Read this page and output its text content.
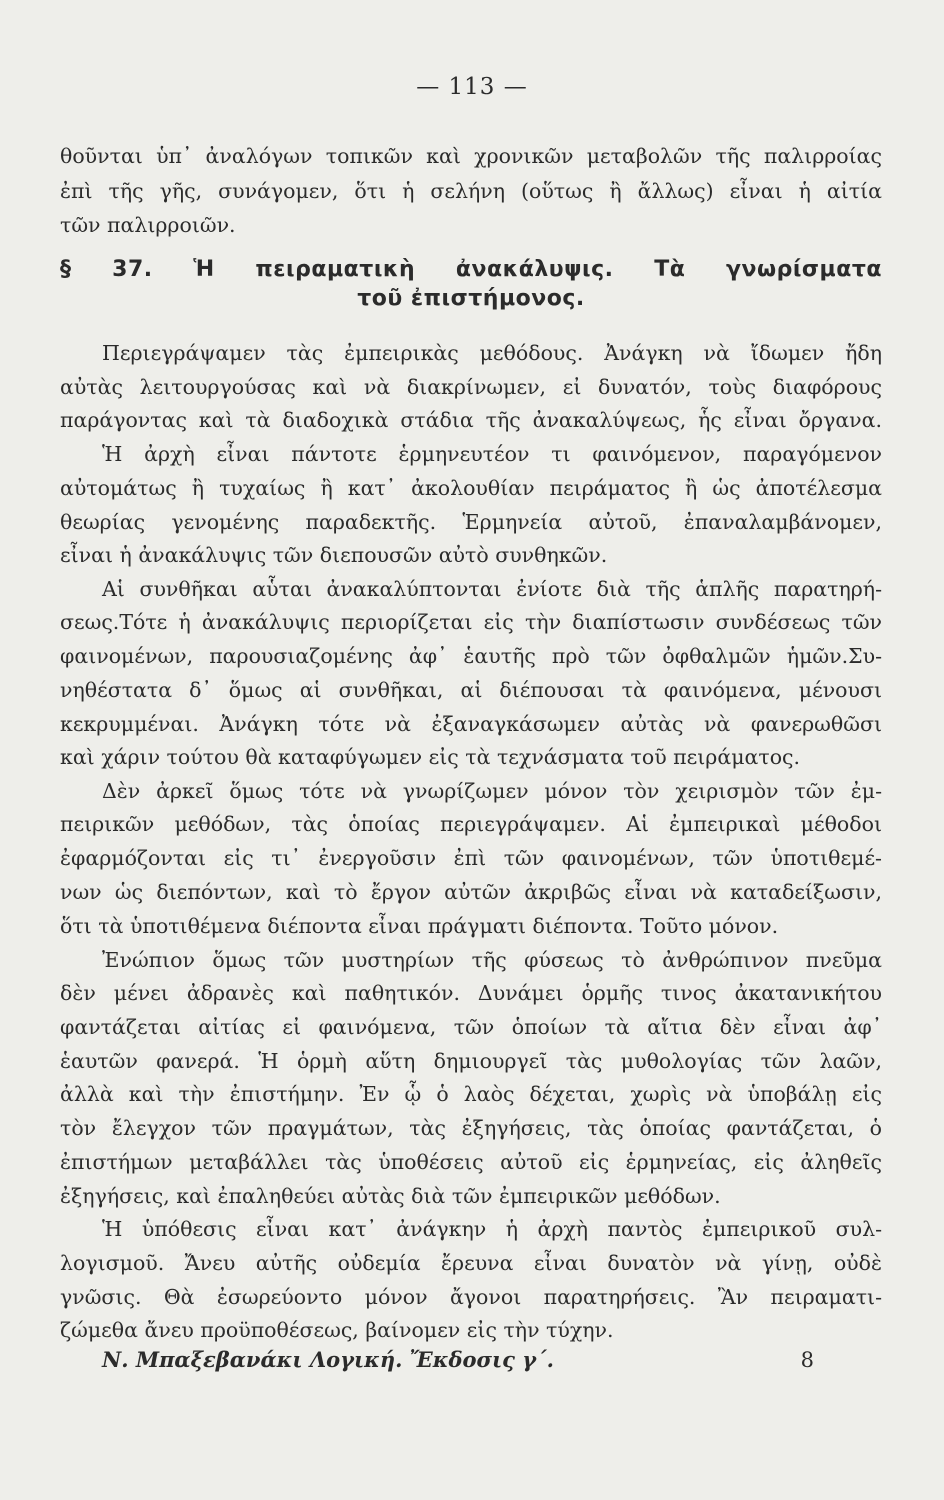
— 113 —
θοῦνται ὑπ᾽ ἀναλόγων τοπικῶν καὶ χρονικῶν μεταβολῶν τῆς παλιρροίας
ἐπὶ τῆς γῆς, συνάγομεν, ὅτι ἡ σελήνη (οὕτως ἢ ἄλλως) εἶναι ἡ αἰτία
τῶν παλιρροιῶν.
§ 37. Ἡ πειραματικὴ ἀνακάλυψις. Τὰ γνωρίσματα
τοῦ ἐπιστήμονος.
Περιεγράψαμεν τὰς ἐμπειρικὰς μεθόδους. Ἀνάγκη νὰ ἴδωμεν ἤδη
αὐτὰς λειτουργούσας καὶ νὰ διακρίνωμεν, εἰ δυνατόν, τοὺς διαφόρους
παράγοντας καὶ τὰ διαδοχικὰ στάδια τῆς ἀνακαλύψεως, ἧς εἶναι ὄργανα.
Ἡ ἀρχὴ εἶναι πάντοτε ἑρμηνευτέον τι φαινόμενον, παραγόμενον
αὐτομάτως ἢ τυχαίως ἢ κατ᾽ ἀκολουθίαν πειράματος ἢ ὡς ἀποτέλεσμα
θεωρίας γενομένης παραδεκτῆς. Ἑρμηνεία αὐτοῦ, ἐπαναλαμβάνομεν,
εἶναι ἡ ἀνακάλυψις τῶν διεπουσῶν αὐτὸ συνθηκῶν.
Αἱ συνθῆκαι αὗται ἀνακαλύπτονται ἐνίοτε διὰ τῆς ἁπλῆς παρατηρή-
σεως.Τότε ἡ ἀνακάλυψις περιορίζεται εἰς τὴν διαπίστωσιν συνδέσεως τῶν
φαινομένων, παρουσιαζομένης ἀφ᾽ ἑαυτῆς πρὸ τῶν ὀφθαλμῶν ἡμῶν.Συ-
νηθέστατα δ᾽ ὅμως αἱ συνθῆκαι, αἱ διέπουσαι τὰ φαινόμενα, μένουσι
κεκρυμμέναι. Ἀνάγκη τότε νὰ ἐξαναγκάσωμεν αὐτὰς νὰ φανερωθῶσι
καὶ χάριν τούτου θὰ καταφύγωμεν εἰς τὰ τεχνάσματα τοῦ πειράματος.
Δὲν ἀρκεῖ ὅμως τότε νὰ γνωρίζωμεν μόνον τὸν χειρισμὸν τῶν ἐμ-
πειρικῶν μεθόδων, τὰς ὁποίας περιεγράψαμεν. Αἱ ἐμπειρικαὶ μέθοδοι
ἐφαρμόζονται εἰς τι᾽ ἐνεργοῦσιν ἐπὶ τῶν φαινομένων, τῶν ὑποτιθεμέ-
νων ὡς διεπόντων, καὶ τὸ ἔργον αὐτῶν ἀκριβῶς εἶναι νὰ καταδείξωσιν,
ὅτι τὰ ὑποτιθέμενα διέποντα εἶναι πράγματι διέποντα. Τοῦτο μόνον.
Ἐνώπιον ὅμως τῶν μυστηρίων τῆς φύσεως τὸ ἀνθρώπινον πνεῦμα
δὲν μένει ἀδρανὲς καὶ παθητικόν. Δυνάμει ὁρμῆς τινος ἀκατανικήτου
φαντάζεται αἰτίας εἰ φαινόμενα, τῶν ὁποίων τὰ αἴτια δὲν εἶναι ἀφ᾽
ἑαυτῶν φανερά. Ἡ ὁρμὴ αὕτη δημιουργεῖ τὰς μυθολογίας τῶν λαῶν,
ἀλλὰ καὶ τὴν ἐπιστήμην. Ἐν ᾧ ὁ λαὸς δέχεται, χωρὶς νὰ ὑποβάλῃ εἰς
τὸν ἔλεγχον τῶν πραγμάτων, τὰς ἐξηγήσεις, τὰς ὁποίας φαντάζεται, ὁ
ἐπιστήμων μεταβάλλει τὰς ὑποθέσεις αὐτοῦ εἰς ἑρμηνείας, εἰς ἀληθεῖς
ἐξηγήσεις, καὶ ἐπαληθεύει αὐτὰς διὰ τῶν ἐμπειρικῶν μεθόδων.
Ἡ ὑπόθεσις εἶναι κατ᾽ ἀνάγκην ἡ ἀρχὴ παντὸς ἐμπειρικοῦ συλ-
λογισμοῦ. Ἄνευ αὐτῆς οὐδεμία ἔρευνα εἶναι δυνατὸν νὰ γίνῃ, οὐδὲ
γνῶσις. Θὰ ἐσωρεύοντο μόνον ἄγονοι παρατηρήσεις. Ἂν πειραματι-
ζώμεθα ἄνευ προϋποθέσεως, βαίνομεν εἰς τὴν τύχην.
Ν. Μπαξεβανάκι Λογική. Ἔκδοσις γ΄.	8
